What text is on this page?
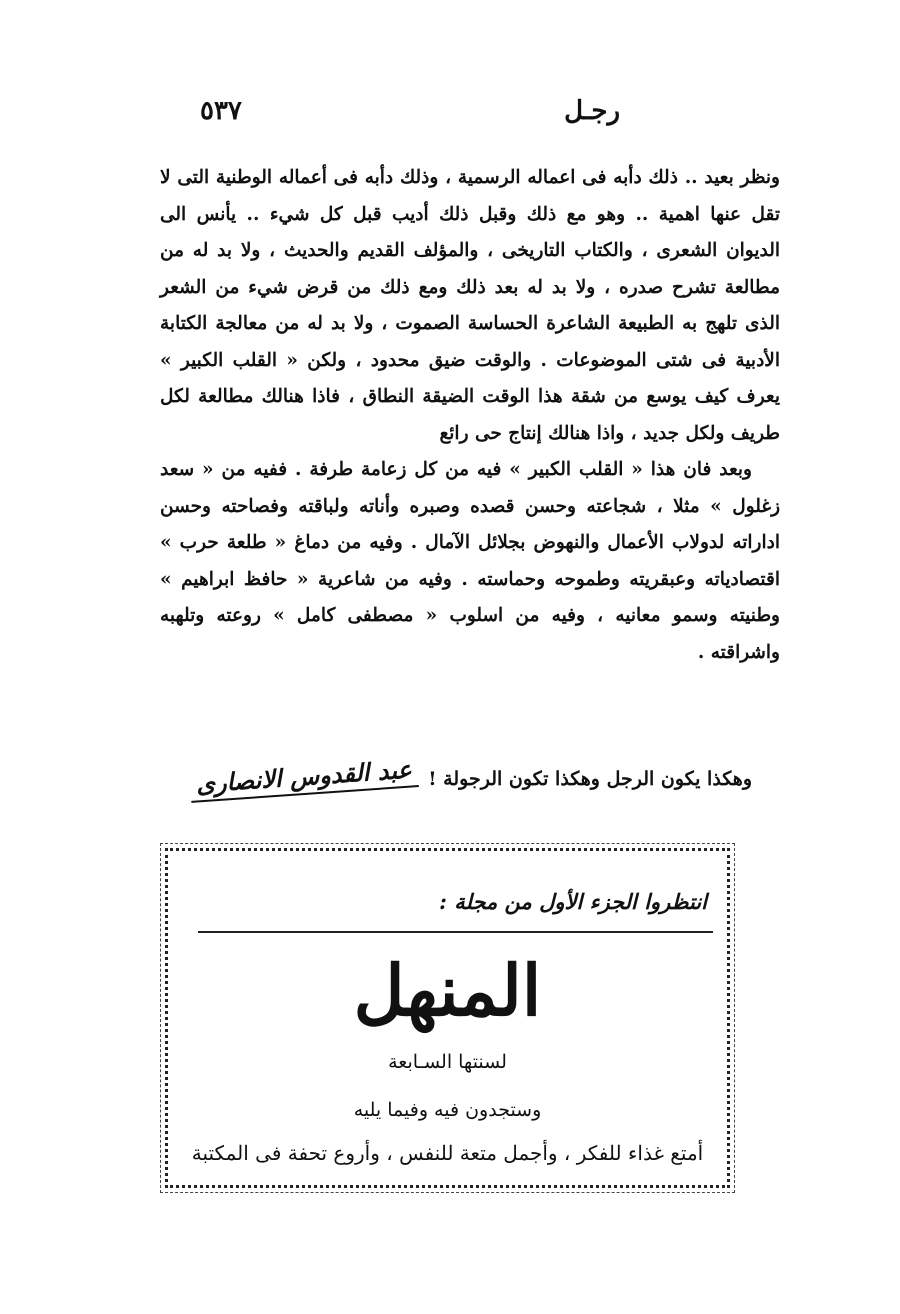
رجـل
٥٣٧

ونظر بعيد .. ذلك دأبه فى اعماله الرسمية ، وذلك دأبه فى أعماله الوطنية التى لا تقل عنها اهمية .. وهو مع ذلك وقبل ذلك أديب قبل كل شيء .. يأنس الى الديوان الشعرى ، والكتاب التاريخى ، والمؤلف القديم والحديث ، ولا بد له من مطالعة تشرح صدره ، ولا بد له بعد ذلك ومع ذلك من قرض شيء من الشعر الذى تلهج به الطبيعة الشاعرة الحساسة الصموت ، ولا بد له من معالجة الكتابة الأدبية فى شتى الموضوعات . والوقت ضيق محدود ، ولكن « القلب الكبير » يعرف كيف يوسع من شقة هذا الوقت الضيقة النطاق ، فاذا هنالك مطالعة لكل طريف ولكل جديد ، واذا هنالك إنتاج حى رائع

وبعد فان هذا « القلب الكبير » فيه من كل زعامة طرفة . ففيه من « سعد زغلول » مثلا ، شجاعته وحسن قصده وصبره وأناته ولباقته وفصاحته وحسن اداراته لدولاب الأعمال والنهوض بجلائل الآمال . وفيه من دماغ « طلعة حرب » اقتصادياته وعبقريته وطموحه وحماسته . وفيه من شاعرية « حافظ ابراهيم » وطنيته وسمو معانيه ، وفيه من اسلوب « مصطفى كامل » روعته وتلهبه واشراقته .

وهكذا يكون الرجل وهكذا تكون الرجولة !
عبد القدوس الانصارى
انتظروا الجزء الأول من مجلة :
المنهل
لسنتها السـابعة
وستجدون فيه وفيما يليه
أمتع غذاء للفكر ، وأجمل متعة للنفس ، وأروع تحفة فى المكتبة
